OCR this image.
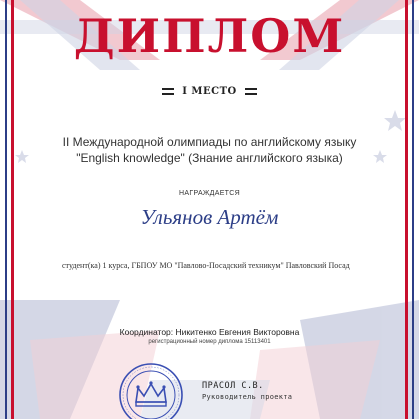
ДИПЛОМ
I МЕСТО
II Международной олимпиады по английскому языку
"English knowledge" (Знание английского языка)
НАГРАЖДАЕТСЯ
Ульянов Артём
студент(ка) 1 курса, ГБПОУ МО "Павлово-Посадский техникум" Павловский Посад
Координатор: Никитенко Евгения Викторовна
регистрационный номер диплома 15113401
ПРАСОЛ С.В.
Руководитель проекта
